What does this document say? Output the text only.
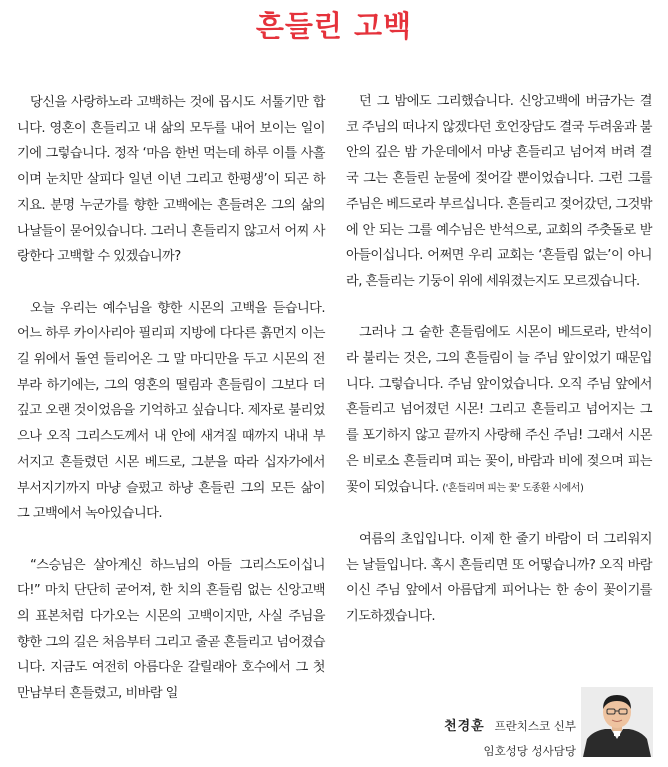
흔들린 고백

당신을 사랑하노라 고백하는 것에 몹시도 서툴기만 합니다. 영혼이 흔들리고 내 삶의 모두를 내어 보이는 일이기에 그렇습니다. 정작 ‘마음 한번 먹는데 하루 이틀 사흘이며 눈치만 살피다 일년 이년 그리고 한평생’이 되곤 하지요. 분명 누군가를 향한 고백에는 흔들려온 그의 삶의 나날들이 묻어있습니다. 그러니 흔들리지 않고서 어찌 사랑한다 고백할 수 있겠습니까?

오늘 우리는 예수님을 향한 시몬의 고백을 듣습니다. 어느 하루 카이사리아 필리피 지방에 다다른 흙먼지 이는 길 위에서 돌연 들리어온 그 말 마디만을 두고 시몬의 전부라 하기에는, 그의 영혼의 떨림과 흔들림이 그보다 더 깊고 오랜 것이었음을 기억하고 싶습니다. 제자로 불리었으나 오직 그리스도께서 내 안에 새겨질 때까지 내내 부서지고 흔들렸던 시몬 베드로, 그분을 따라 십자가에서 부서지기까지 마냥 슬펐고 하냥 흔들린 그의 모든 삶이 그 고백에서 녹아있습니다.

“스승님은 살아계신 하느님의 아들 그리스도이십니다!” 마치 단단히 굳어져, 한 치의 흔들림 없는 신앙고백의 표본처럼 다가오는 시몬의 고백이지만, 사실 주님을 향한 그의 길은 처음부터 그리고 줄곧 흔들리고 넘어졌습니다. 지금도 여전히 아름다운 갈릴래아 호수에서 그 첫 만남부터 흔들렸고, 비바람 일

던 그 밤에도 그리했습니다. 신앙고백에 버금가는 결코 주님의 떠나지 않겠다던 호언장담도 결국 두려움과 불안의 깊은 밤 가운데에서 마냥 흔들리고 넘어져 버려 결국 그는 흔들린 눈물에 젖어갈 뿐이었습니다. 그런 그를 주님은 베드로라 부르십니다. 흔들리고 젖어갔던, 그것밖에 안 되는 그를 예수님은 반석으로, 교회의 주춧돌로 받아들이십니다. 어쩌면 우리 교회는 ‘흔들림 없는’이 아니라, 흔들리는 기둥이 위에 세워졌는지도 모르겠습니다.

그러나 그 숱한 흔들림에도 시몬이 베드로라, 반석이라 불리는 것은, 그의 흔들림이 늘 주님 앞이었기 때문입니다. 그렇습니다. 주님 앞이었습니다. 오직 주님 앞에서 흔들리고 넘어졌던 시몬! 그리고 흔들리고 넘어지는 그를 포기하지 않고 끝까지 사랑해 주신 주님! 그래서 시몬은 비로소 흔들리며 피는 꽃이, 바람과 비에 젖으며 피는 꽃이 되었습니다. ('흔들리며 피는 꽃' 도종환 시에서)

여름의 초입입니다. 이제 한 줄기 바람이 더 그리워지는 날들입니다. 혹시 흔들리면 또 어떻습니까? 오직 바람이신 주님 앞에서 아름답게 피어나는 한 송이 꽃이기를 기도하겠습니다.

천경훈 프란치스코 신부
임호성당 성사담당
